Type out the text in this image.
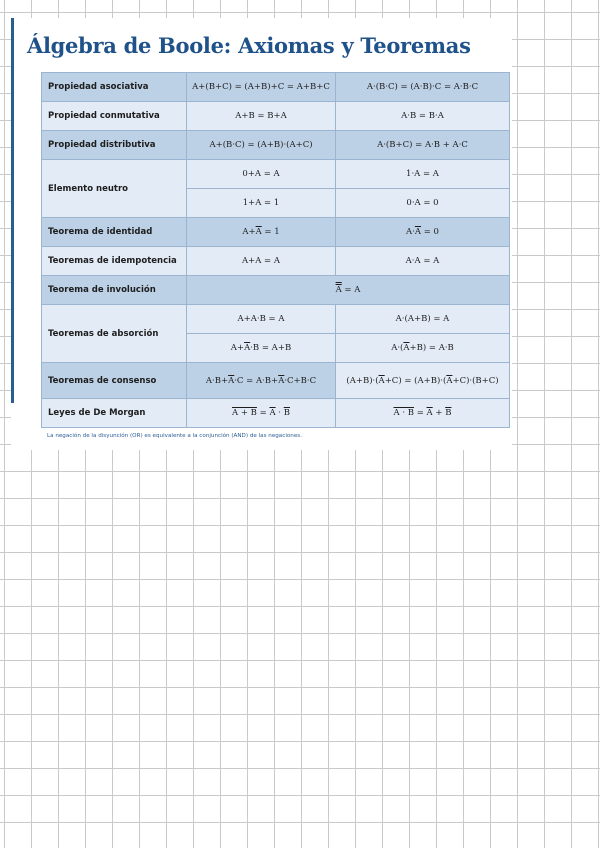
Álgebra de Boole: Axiomas y Teoremas
Propiedad asociativa	A+(B+C) = (A+B)+C = A+B+C	A·(B·C) = (A·B)·C = A·B·C
Propiedad conmutativa	A+B = B+A	A·B = B·A
Propiedad distributiva	A+(B·C) = (A+B)·(A+C)	A·(B+C) = A·B + A·C
Elemento neutro	0+A = A	1·A = A
	1+A = 1	0·A = 0
Teorema de identidad	$A+\overline{A} = 1$	$A\cdot\overline{A} = 0$
Teoremas de idempotencia	A+A = A	A·A = A
Teorema de involución	A = A	
Teoremas de absorción	A+A·B = A	A·(A+B) = A
	$A+\overline{A}\cdot B = A+B$	$A\cdot(\overline{A}+B) = A\cdot B$
Teoremas de consenso	$A\cdot B+\overline{A}\cdot C = A\cdot B+\overline{A}\cdot C+B\cdot C$	$(A+B)\cdot(\overline{A}+C) = (A+B)\cdot(\overline{A}+C)\cdot(B+C)$
Leyes de De Morgan	$A + B = \overline{A} \cdot \overline{B}$	$A \cdot B = \overline{A} + \overline{B}$

La negación de la disyunción (OR) es equivalente a la conjunción (AND) de las negaciones.
